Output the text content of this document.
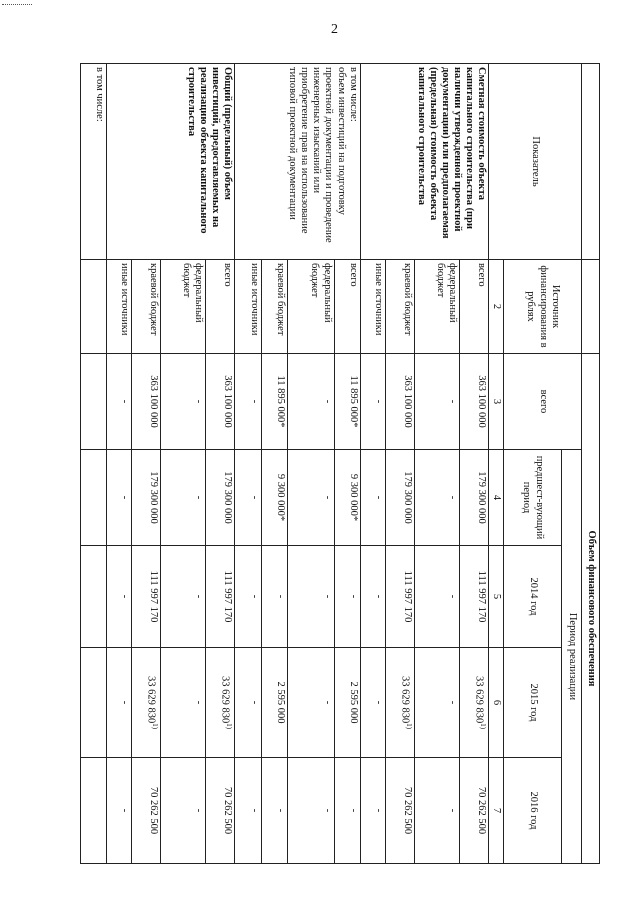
2
		Объем финансового обеспечения				
Показатель	Источник финансирования в рублях	всего	Период реализации			
			предшест-вующий период	2014 год	2015 год	2016 год
	2	3	4	5	6	7

Сметная стоимость объекта капитального строительства (при наличии утвержденной проектной документации) или предполагаемая (предельная) стоимость объекта капитального строительства	всего	363 100 000	179 300 000	111 997 170	33 629 830$^{1)}$	70 262 500
	федеральный бюджет	-	-	-	-	-
	краевой бюджет	363 100 000	179 300 000	111 997 170	33 629 830$^{1)}$	70 262 500
	иные источники	-	-	-	-	-

в том числе:
объем инвестиций на подготовку проектной документации и проведение инженерных изысканий или приобретение прав на использование типовой проектной документации	всего	11 895 000*	9 300 000*	-	2 595 000	-
	федеральный бюджет	-	-	-	-	-
	краевой бюджет	11 895 000*	9 300 000*	-	2 595 000	-
	иные источники	-	-	-	-	-
Общий (предельный) объем инвестиций, предоставляемых на реализацию объекта капитального строительства	всего	363 100 000	179 300 000	111 997 170	33 629 830$^{1)}$	70 262 500
	федеральный бюджет	-	-	-	-	-
	краевой бюджет	363 100 000	179 300 000	111 997 170	33 629 830$^{1)}$	70 262 500
	иные источники	-	-	-	-	-
в том числе:						
